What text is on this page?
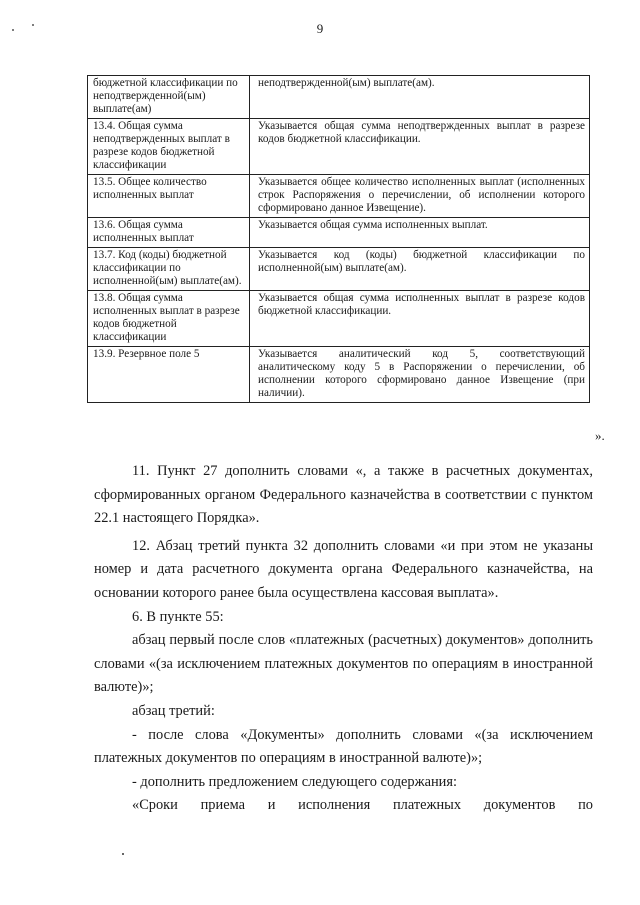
9
бюджетной классификации по неподтвержденной(ым) выплате(ам)	неподтвержденной(ым) выплате(ам).
13.4. Общая сумма неподтвержденных выплат в разрезе кодов бюджетной классификации	Указывается общая сумма неподтвержденных выплат в разрезе кодов бюджетной классификации.
13.5. Общее количество исполненных выплат	Указывается общее количество исполненных выплат (исполненных строк Распоряжения о перечислении, об исполнении которого сформировано данное Извещение).
13.6. Общая сумма исполненных выплат	Указывается общая сумма исполненных выплат.
13.7. Код (коды) бюджетной классификации по исполненной(ым) выплате(ам).	Указывается код (коды) бюджетной классификации по исполненной(ым) выплате(ам).
13.8. Общая сумма исполненных выплат в разрезе кодов бюджетной классификации	Указывается общая сумма исполненных выплат в разрезе кодов бюджетной классификации.
13.9. Резервное поле 5	Указывается аналитический код 5, соответствующий аналитическому коду 5 в Распоряжении о перечислении, об исполнении которого сформировано данное Извещение (при наличии).
».

11. Пункт 27 дополнить словами «, а также в расчетных документах, сформированных органом Федерального казначейства в соответствии с пунктом 22.1 настоящего Порядка».

12. Абзац третий пункта 32 дополнить словами «и при этом не указаны номер и дата расчетного документа органа Федерального казначейства, на основании которого ранее была осуществлена кассовая выплата».

6. В пункте 55:

абзац первый после слов «платежных (расчетных) документов» дополнить словами «(за исключением платежных документов по операциям в иностранной валюте)»;

абзац третий:

- после слова «Документы» дополнить словами «(за исключением платежных документов по операциям в иностранной валюте)»;

- дополнить предложением следующего содержания:

«Сроки приема и исполнения платежных документов по
